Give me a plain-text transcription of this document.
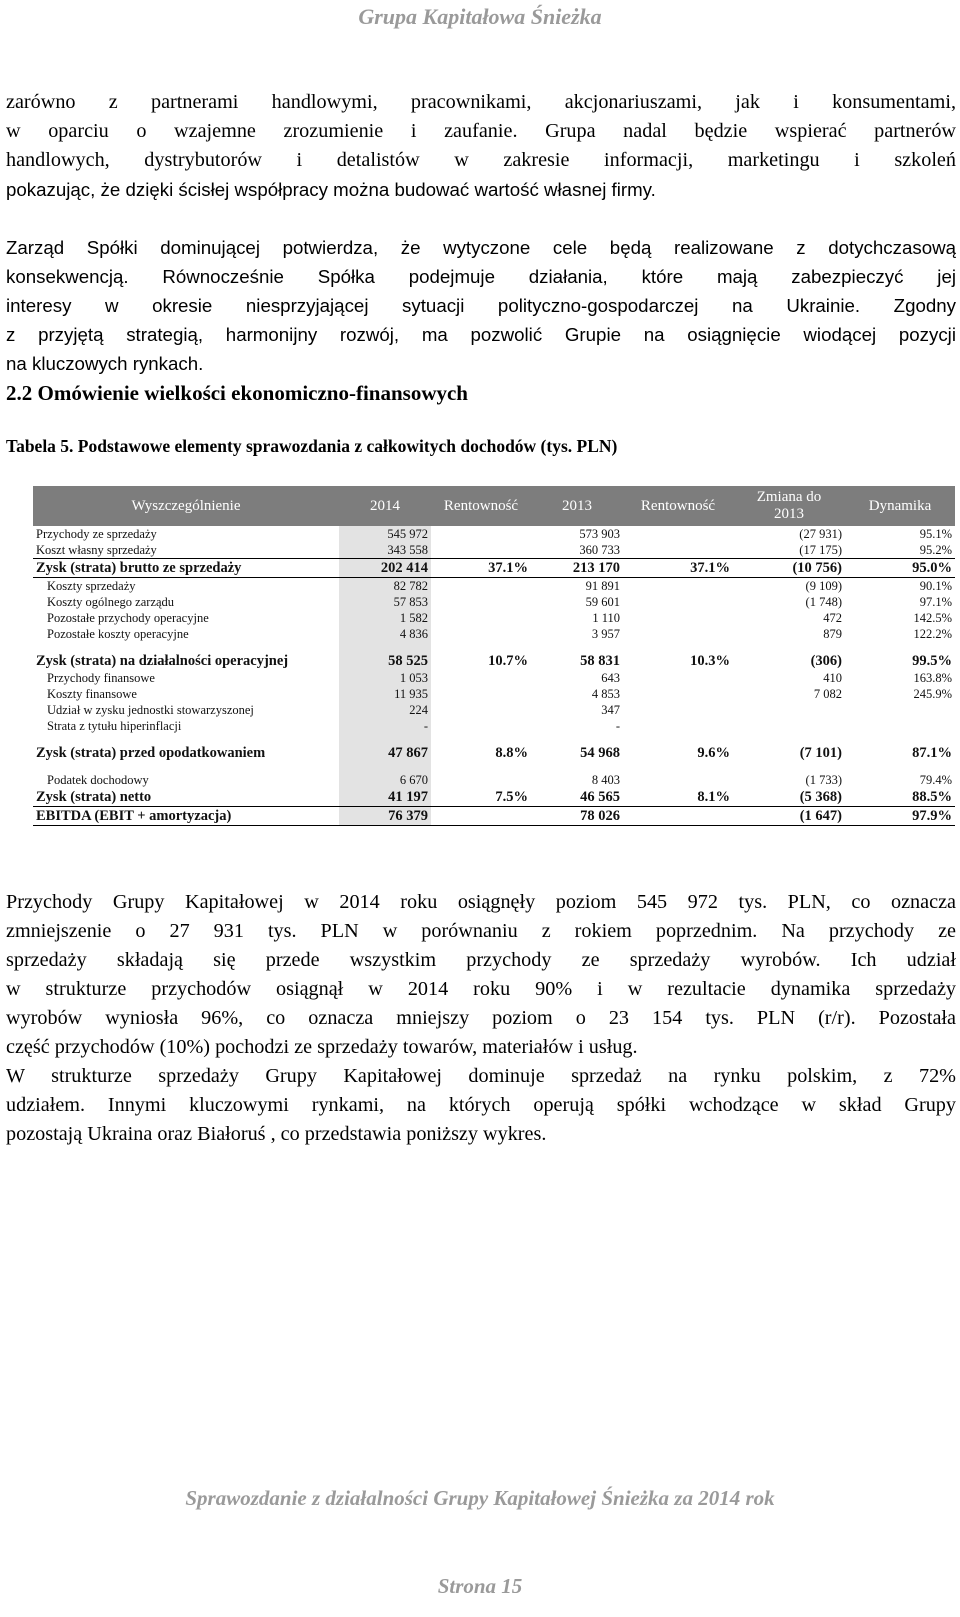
Grupa Kapitałowa Śnieżka
zarówno z partnerami handlowymi, pracownikami, akcjonariuszami, jak i konsumentami,
w oparciu o wzajemne zrozumienie i zaufanie. Grupa nadal będzie wspierać partnerów
handlowych, dystrybutorów i detalistów w zakresie informacji, marketingu i szkoleń
pokazując, że dzięki ścisłej współpracy można budować wartość własnej firmy.
Zarząd Spółki dominującej potwierdza, że wytyczone cele będą realizowane z dotychczasową
konsekwencją. Równocześnie Spółka podejmuje działania, które mają zabezpieczyć jej
interesy w okresie niesprzyjającej sytuacji polityczno-gospodarczej na Ukrainie. Zgodny
z przyjętą strategią, harmonijny rozwój, ma pozwolić Grupie na osiągnięcie wiodącej pozycji
na kluczowych rynkach.
2.2 Omówienie wielkości ekonomiczno-finansowych

Tabela 5. Podstawowe elementy sprawozdania z całkowitych dochodów (tys. PLN)

Wyszczególnienie	2014	Rentowność	2013	Rentowność	Zmiana do
2013	Dynamika
Przychody ze sprzedaży	545 972		573 903		(27 931)	95.1%
Koszt własny sprzedaży	343 558		360 733		(17 175)	95.2%
Zysk (strata) brutto ze sprzedaży	202 414	37.1%	213 170	37.1%	(10 756)	95.0%
Koszty sprzedaży	82 782		91 891		(9 109)	90.1%
Koszty ogólnego zarządu	57 853		59 601		(1 748)	97.1%
Pozostałe przychody operacyjne	1 582		1 110		472	142.5%
Pozostałe koszty operacyjne	4 836		3 957		879	122.2%

Zysk (strata) na działalności operacyjnej	58 525	10.7%	58 831	10.3%	(306)	99.5%
Przychody finansowe	1 053		643		410	163.8%
Koszty finansowe	11 935		4 853		7 082	245.9%
Udział w zysku jednostki stowarzyszonej	224		347			
Strata z tytułu hiperinflacji	-		-			

Zysk (strata) przed opodatkowaniem	47 867	8.8%	54 968	9.6%	(7 101)	87.1%

Podatek dochodowy	6 670		8 403		(1 733)	79.4%
Zysk (strata) netto	41 197	7.5%	46 565	8.1%	(5 368)	88.5%
EBITDA (EBIT + amortyzacja)	76 379		78 026		(1 647)	97.9%
Przychody Grupy Kapitałowej w 2014 roku osiągnęły poziom 545 972 tys. PLN, co oznacza
zmniejszenie o 27 931 tys. PLN w porównaniu z rokiem poprzednim. Na przychody ze
sprzedaży składają się przede wszystkim przychody ze sprzedaży wyrobów. Ich udział
w strukturze przychodów osiągnął w 2014 roku 90% i w rezultacie dynamika sprzedaży
wyrobów wyniosła 96%, co oznacza mniejszy poziom o 23 154 tys. PLN (r/r). Pozostała
część przychodów (10%) pochodzi ze sprzedaży towarów, materiałów i usług.
W strukturze sprzedaży Grupy Kapitałowej dominuje sprzedaż na rynku polskim, z 72%
udziałem. Innymi kluczowymi rynkami, na których operują spółki wchodzące w skład Grupy
pozostają Ukraina oraz Białoruś , co przedstawia poniższy wykres.
Sprawozdanie z działalności Grupy Kapitałowej Śnieżka za 2014 rok
Strona 15
